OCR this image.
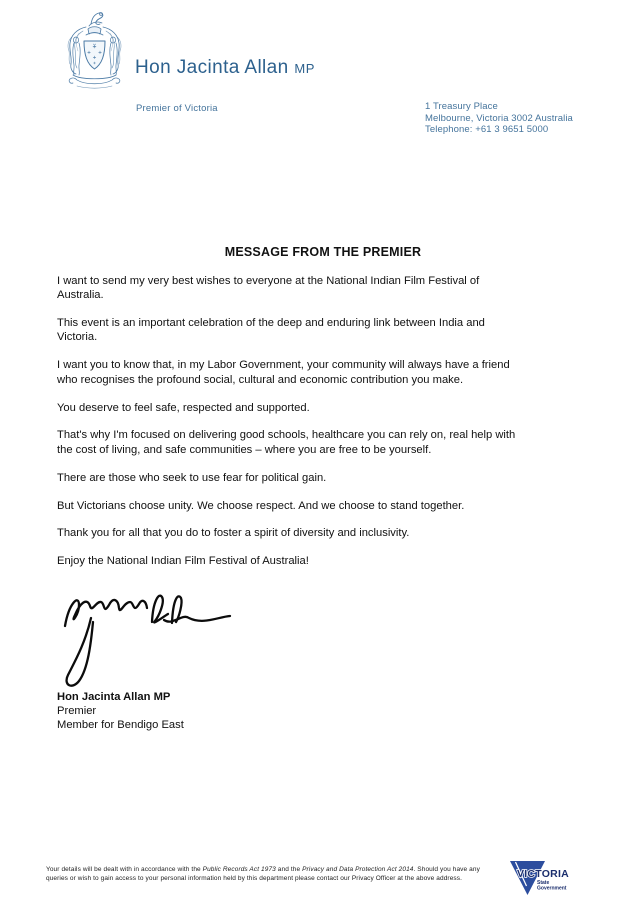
Hon Jacinta Allan MP
Premier of Victoria	1 Treasury Place
Melbourne, Victoria 3002 Australia
Telephone: +61 3 9651 5000
MESSAGE FROM THE PREMIER

I want to send my very best wishes to everyone at the National Indian Film Festival of
Australia.

This event is an important celebration of the deep and enduring link between India and
Victoria.

I want you to know that, in my Labor Government, your community will always have a friend
who recognises the profound social, cultural and economic contribution you make.

You deserve to feel safe, respected and supported.

That's why I'm focused on delivering good schools, healthcare you can rely on, real help with
the cost of living, and safe communities – where you are free to be yourself.

There are those who seek to use fear for political gain.

But Victorians choose unity. We choose respect. And we choose to stand together.

Thank you for all that you do to foster a spirit of diversity and inclusivity.

Enjoy the National Indian Film Festival of Australia!

Hon Jacinta Allan MP
Premier
Member for Bendigo East
Your details will be dealt with in accordance with the Public Records Act 1973 and the Privacy and Data Protection Act 2014. Should you have any
queries or wish to gain access to your personal information held by this department please contact our Privacy Officer at the above address.	VICTORIA
State
Government
